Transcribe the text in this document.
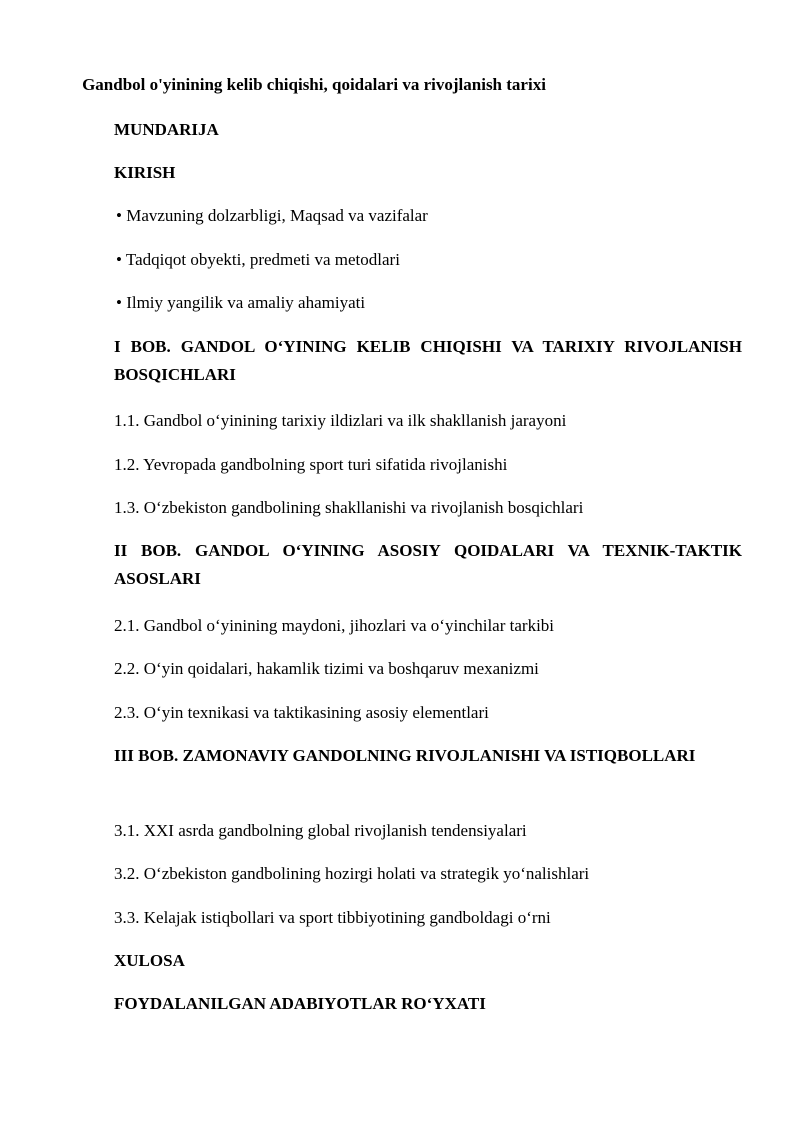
Gandbol o'yinining kelib chiqishi, qoidalari va rivojlanish tarixi
MUNDARIJA
KIRISH
• Mavzuning dolzarbligi, Maqsad va vazifalar
• Tadqiqot obyekti, predmeti va metodlari
• Ilmiy yangilik va amaliy ahamiyati
I BOB. GANDOL O‘YINING KELIB CHIQISHI VA TARIXIY RIVOJLANISH BOSQICHLARI
1.1. Gandbol o‘yinining tarixiy ildizlari va ilk shakllanish jarayoni
1.2. Yevropada gandbolning sport turi sifatida rivojlanishi
1.3. O‘zbekiston gandbolining shakllanishi va rivojlanish bosqichlari
II BOB. GANDOL O‘YINING ASOSIY QOIDALARI VA TEXNIK-TAKTIK ASOSLARI
2.1. Gandbol o‘yinining maydoni, jihozlari va o‘yinchilar tarkibi
2.2. O‘yin qoidalari, hakamlik tizimi va boshqaruv mexanizmi
2.3. O‘yin texnikasi va taktikasining asosiy elementlari
III BOB. ZAMONAVIY GANDOLNING RIVOJLANISHI VA ISTIQBOLLARI
3.1. XXI asrda gandbolning global rivojlanish tendensiyalari
3.2. O‘zbekiston gandbolining hozirgi holati va strategik yo‘nalishlari
3.3. Kelajak istiqbollari va sport tibbiyotining gandboldagi o‘rni
XULOSA
FOYDALANILGAN ADABIYOTLAR RO‘YXATI
